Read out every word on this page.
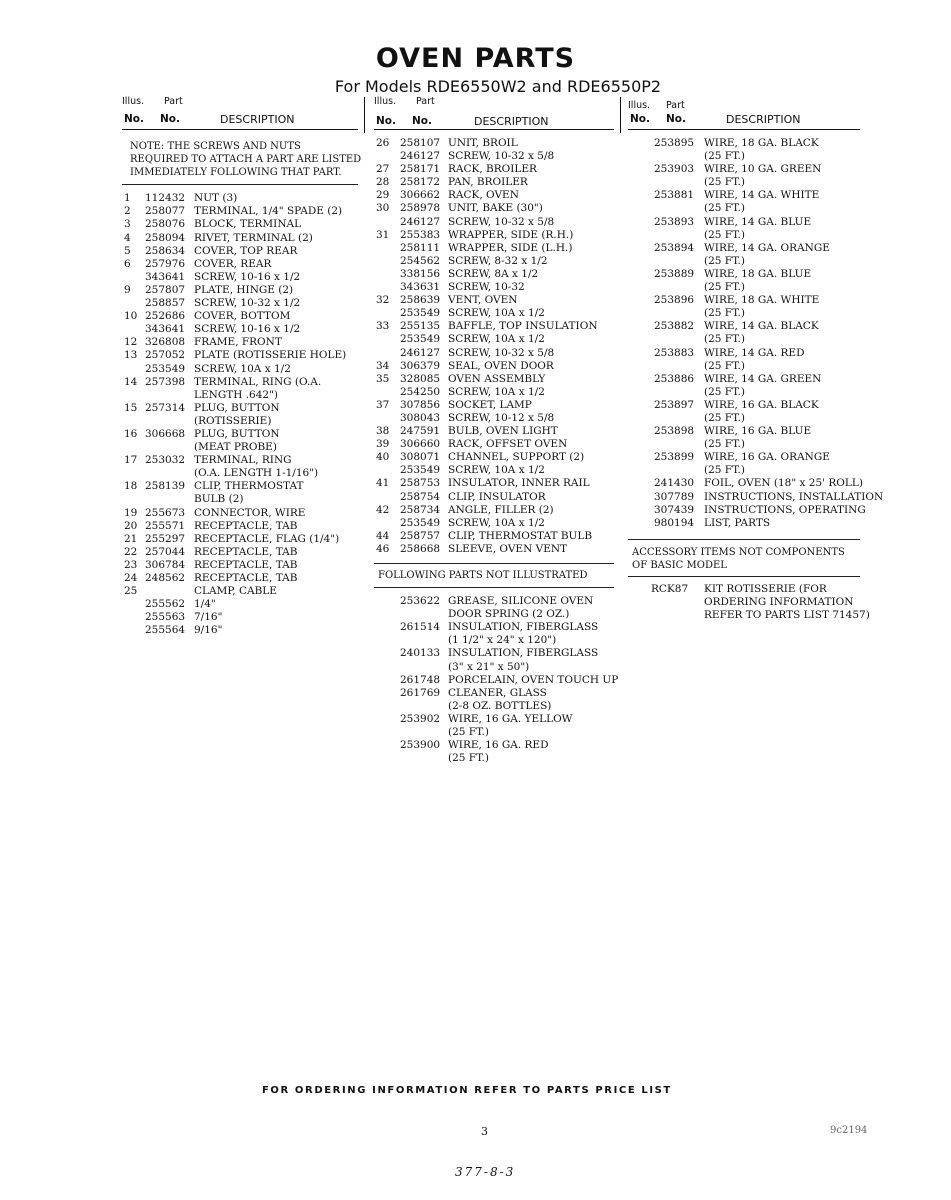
OVEN PARTS
For Models RDE6550W2 and RDE6550P2
Illus. Part
No. No.	DESCRIPTION
NOTE: THE SCREWS AND NUTS REQUIRED TO ATTACH A PART ARE LISTED IMMEDIATELY FOLLOWING THAT PART.
1 112432 NUT (3)
2 258077 TERMINAL, 1/4" SPADE (2)
3 258076 BLOCK, TERMINAL
4 258094 RIVET, TERMINAL (2)
5 258634 COVER, TOP REAR
6 257976 COVER, REAR
343641 SCREW, 10-16 x 1/2
9 257807 PLATE, HINGE (2)
258857 SCREW, 10-32 x 1/2
10 252686 COVER, BOTTOM
343641 SCREW, 10-16 x 1/2
12 326808 FRAME, FRONT
13 257052 PLATE (ROTISSERIE HOLE)
253549 SCREW, 10A x 1/2
14 257398 TERMINAL, RING (O.A.
LENGTH .642")
15 257314 PLUG, BUTTON
(ROTISSERIE)
16 306668 PLUG, BUTTON
(MEAT PROBE)
17 253032 TERMINAL, RING
(O.A. LENGTH 1-1/16")
18 258139 CLIP, THERMOSTAT
BULB (2)
19 255673 CONNECTOR, WIRE
20 255571 RECEPTACLE, TAB
21 255297 RECEPTACLE, FLAG (1/4")
22 257044 RECEPTACLE, TAB
23 306784 RECEPTACLE, TAB
24 248562 RECEPTACLE, TAB
25	CLAMP, CABLE
255562 1/4"
255563 7/16"
255564 9/16"
Illus. Part
No. No.	DESCRIPTION
26 258107 UNIT, BROIL
246127 SCREW, 10-32 x 5/8
27 258171 RACK, BROILER
28 258172 PAN, BROILER
29 306662 RACK, OVEN
30 258978 UNIT, BAKE (30")
246127 SCREW, 10-32 x 5/8
31 255383 WRAPPER, SIDE (R.H.)
258111 WRAPPER, SIDE (L.H.)
254562 SCREW, 8-32 x 1/2
338156 SCREW, 8A x 1/2
343631 SCREW, 10-32
32 258639 VENT, OVEN
253549 SCREW, 10A x 1/2
33 255135 BAFFLE, TOP INSULATION
253549 SCREW, 10A x 1/2
246127 SCREW, 10-32 x 5/8
34 306379 SEAL, OVEN DOOR
35 328085 OVEN ASSEMBLY
254250 SCREW, 10A x 1/2
37 307856 SOCKET, LAMP
308043 SCREW, 10-12 x 5/8
38 247591 BULB, OVEN LIGHT
39 306660 RACK, OFFSET OVEN
40 308071 CHANNEL, SUPPORT (2)
253549 SCREW, 10A x 1/2
41 258753 INSULATOR, INNER RAIL
258754 CLIP, INSULATOR
42 258734 ANGLE, FILLER (2)
253549 SCREW, 10A x 1/2
44 258757 CLIP, THERMOSTAT BULB
46 258668 SLEEVE, OVEN VENT
FOLLOWING PARTS NOT ILLUSTRATED
253622 GREASE, SILICONE OVEN
DOOR SPRING (2 OZ.)
261514 INSULATION, FIBERGLASS
(1 1/2" x 24" x 120")
240133 INSULATION, FIBERGLASS
(3" x 21" x 50")
261748 PORCELAIN, OVEN TOUCH UP
261769 CLEANER, GLASS
(2-8 OZ. BOTTLES)
253902 WIRE, 16 GA. YELLOW
(25 FT.)
253900 WIRE, 16 GA. RED
(25 FT.)
Illus. Part
No. No.	DESCRIPTION
253895 WIRE, 18 GA. BLACK
(25 FT.)
253903 WIRE, 10 GA. GREEN
(25 FT.)
253881 WIRE, 14 GA. WHITE
(25 FT.)
253893 WIRE, 14 GA. BLUE
(25 FT.)
253894 WIRE, 14 GA. ORANGE
(25 FT.)
253889 WIRE, 18 GA. BLUE
(25 FT.)
253896 WIRE, 18 GA. WHITE
(25 FT.)
253882 WIRE, 14 GA. BLACK
(25 FT.)
253883 WIRE, 14 GA. RED
(25 FT.)
253886 WIRE, 14 GA. GREEN
(25 FT.)
253897 WIRE, 16 GA. BLACK
(25 FT.)
253898 WIRE, 16 GA. BLUE
(25 FT.)
253899 WIRE, 16 GA. ORANGE
(25 FT.)
241430 FOIL, OVEN (18" x 25' ROLL)
307789 INSTRUCTIONS, INSTALLATION
307439 INSTRUCTIONS, OPERATING
980194 LIST, PARTS
ACCESSORY ITEMS NOT COMPONENTS OF BASIC MODEL
RCK87 KIT ROTISSERIE (FOR
ORDERING INFORMATION
REFER TO PARTS LIST 71457)
FOR ORDERING INFORMATION REFER TO PARTS PRICE LIST
3	9c2194
377-8-3
